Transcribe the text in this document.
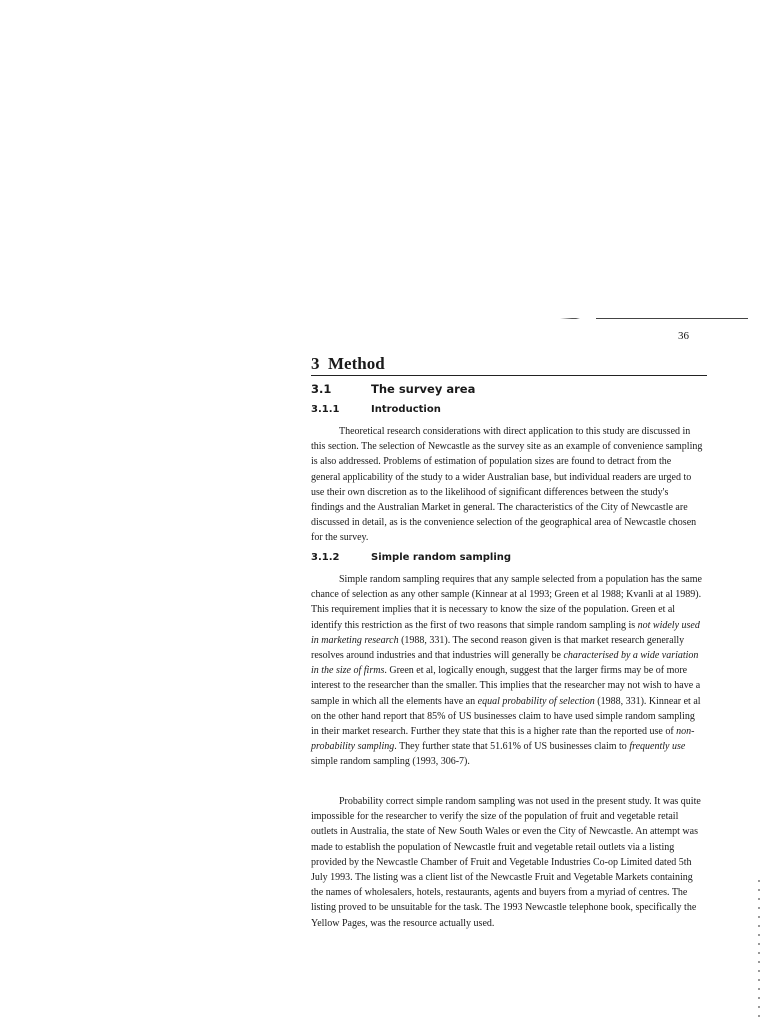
36
3 Method
3.1	The survey area
3.1.1	Introduction

Theoretical research considerations with direct application to this study are discussed in this section. The selection of Newcastle as the survey site as an example of convenience sampling is also addressed. Problems of estimation of population sizes are found to detract from the general applicability of the study to a wider Australian base, but individual readers are urged to use their own discretion as to the likelihood of significant differences between the study's findings and the Australian Market in general. The characteristics of the City of Newcastle are discussed in detail, as is the convenience selection of the geographical area of Newcastle chosen for the survey.

3.1.2	Simple random sampling

Simple random sampling requires that any sample selected from a population has the same chance of selection as any other sample (Kinnear at al 1993; Green et al 1988; Kvanli at al 1989). This requirement implies that it is necessary to know the size of the population. Green et al identify this restriction as the first of two reasons that simple random sampling is not widely used in marketing research (1988, 331). The second reason given is that market research generally resolves around industries and that industries will generally be characterised by a wide variation in the size of firms. Green et al, logically enough, suggest that the larger firms may be of more interest to the researcher than the smaller. This implies that the researcher may not wish to have a sample in which all the elements have an equal probability of selection (1988, 331). Kinnear et al on the other hand report that 85% of US businesses claim to have used simple random sampling in their market research. Further they state that this is a higher rate than the reported use of non-probability sampling. They further state that 51.61% of US businesses claim to frequently use simple random sampling (1993, 306-7).

Probability correct simple random sampling was not used in the present study. It was quite impossible for the researcher to verify the size of the population of fruit and vegetable retail outlets in Australia, the state of New South Wales or even the City of Newcastle. An attempt was made to establish the population of Newcastle fruit and vegetable retail outlets via a listing provided by the Newcastle Chamber of Fruit and Vegetable Industries Co-op Limited dated 5th July 1993. The listing was a client list of the Newcastle Fruit and Vegetable Markets containing the names of wholesalers, hotels, restaurants, agents and buyers from a myriad of centres. The listing proved to be unsuitable for the task. The 1993 Newcastle telephone book, specifically the Yellow Pages, was the resource actually used.
